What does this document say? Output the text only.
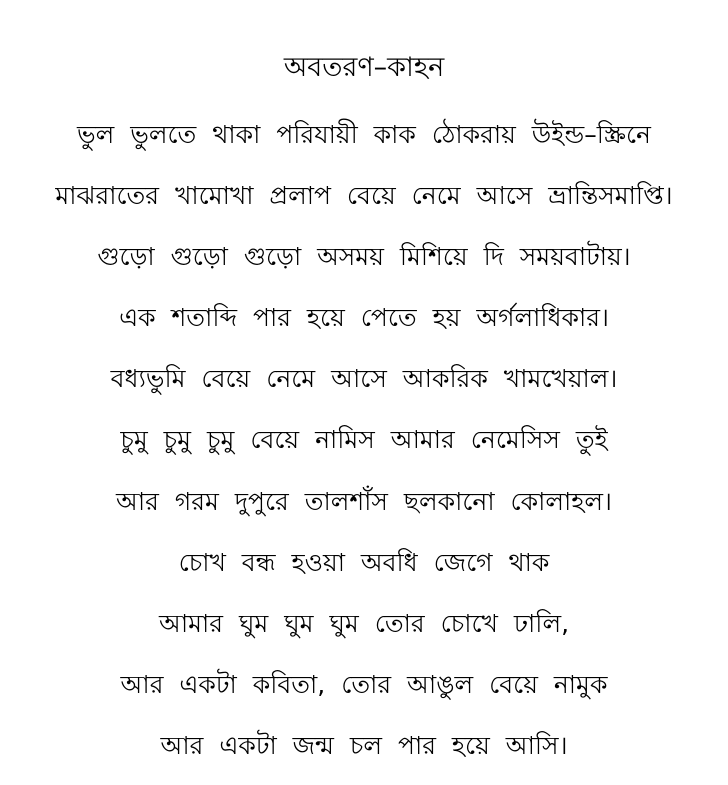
অবতরণ–কাহন
ভুল ভুলতে থাকা পরিযায়ী কাক ঠোকরায় উইন্ড–স্ক্রিনে
মাঝরাতের খামোখা প্রলাপ বেয়ে নেমে আসে ভ্রান্তিসমাপ্তি।
গুড়ো গুড়ো গুড়ো অসময় মিশিয়ে দি সময়বাটায়।
এক শতাব্দি পার হয়ে পেতে হয় অর্গলাধিকার।
বধ্যভুমি বেয়ে নেমে আসে আকরিক খামখেয়াল।
চুমু চুমু চুমু বেয়ে নামিস আমার নেমেসিস তুই
আর গরম দুপুরে তালশাঁস ছলকানো কোলাহল।
চোখ বন্ধ হওয়া অবধি জেগে থাক
আমার ঘুম ঘুম ঘুম তোর চোখে ঢালি,
আর একটা কবিতা, তোর আঙুল বেয়ে নামুক
আর একটা জন্ম চল পার হয়ে আসি।
